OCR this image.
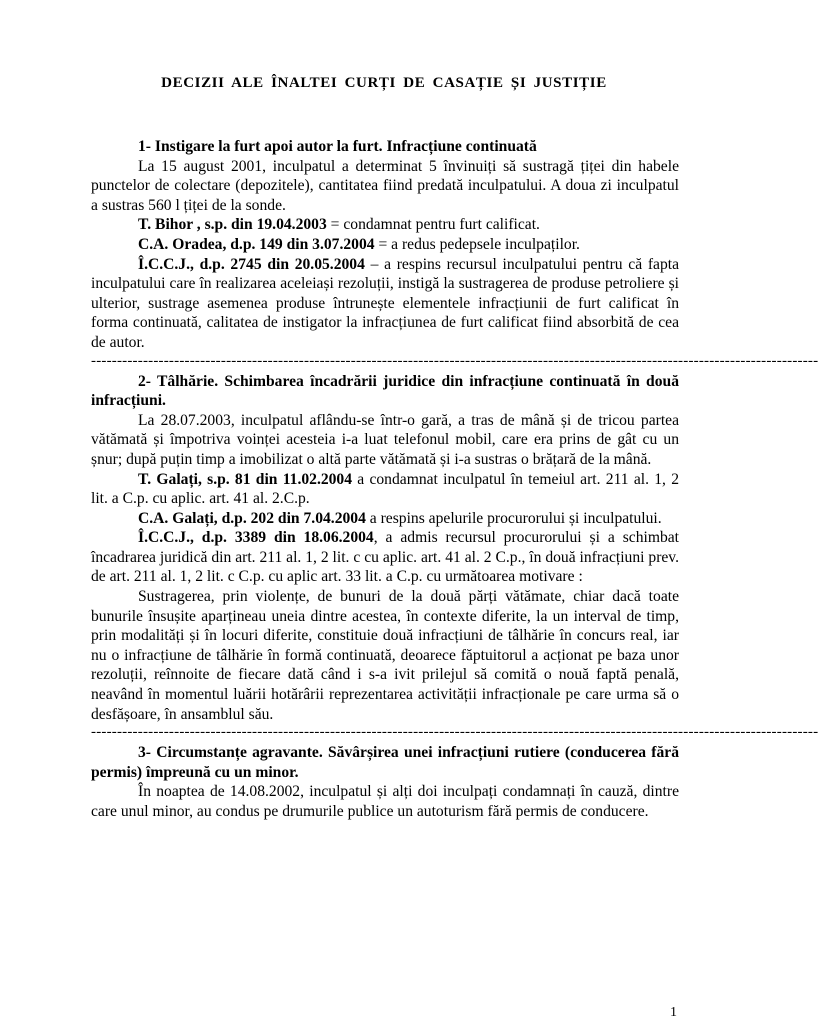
DECIZII ALE ÎNALTEI CURȚI DE CASAȚIE ȘI JUSTIȚIE

1- Instigare la furt apoi autor la furt. Infracțiune continuată

La 15 august 2001, inculpatul a determinat 5 învinuiți să sustragă țiței din habele punctelor de colectare (depozitele), cantitatea fiind predată inculpatului. A doua zi inculpatul a sustras 560 l țiței de la sonde.

T. Bihor , s.p. din 19.04.2003 = condamnat pentru furt calificat.

C.A. Oradea, d.p. 149 din 3.07.2004 = a redus pedepsele inculpaților.

Î.C.C.J., d.p. 2745 din 20.05.2004 – a respins recursul inculpatului pentru că fapta inculpatului care în realizarea aceleiași rezoluții, instigă la sustragerea de produse petroliere și ulterior, sustrage asemenea produse întrunește elementele infracțiunii de furt calificat în forma continuată, calitatea de instigator la infracțiunea de furt calificat fiind absorbită de cea de autor.

--------------------------------------------------------------------------------------------------------------------------------------------

2- Tâlhărie. Schimbarea încadrării juridice din infracțiune continuată în două infracțiuni.

La 28.07.2003, inculpatul aflându-se într-o gară, a tras de mână și de tricou partea vătămată și împotriva voinței acesteia i-a luat telefonul mobil, care era prins de gât cu un șnur; după puțin timp a imobilizat o altă parte vătămată și i-a sustras o brățară de la mână.

T. Galați, s.p. 81 din 11.02.2004 a condamnat inculpatul în temeiul art. 211 al. 1, 2 lit. a C.p. cu aplic. art. 41 al. 2.C.p.

C.A. Galați, d.p. 202 din 7.04.2004 a respins apelurile procurorului și inculpatului.

Î.C.C.J., d.p. 3389 din 18.06.2004, a admis recursul procurorului și a schimbat încadrarea juridică din art. 211 al. 1, 2 lit. c cu aplic. art. 41 al. 2 C.p., în două infracțiuni prev. de art. 211 al. 1, 2 lit. c C.p. cu aplic art. 33 lit. a C.p. cu următoarea motivare :

Sustragerea, prin violențe, de bunuri de la două părți vătămate, chiar dacă toate bunurile însușite aparțineau uneia dintre acestea, în contexte diferite, la un interval de timp, prin modalități și în locuri diferite, constituie două infracțiuni de tâlhărie în concurs real, iar nu o infracțiune de tâlhărie în formă continuată, deoarece făptuitorul a acționat pe baza unor rezoluții, reînnoite de fiecare dată când i s-a ivit prilejul să comită o nouă faptă penală, neavând în momentul luării hotărârii reprezentarea activității infracționale pe care urma să o desfășoare, în ansamblul său.

--------------------------------------------------------------------------------------------------------------------------------------------

3- Circumstanțe agravante. Săvârșirea unei infracțiuni rutiere (conducerea fără permis) împreună cu un minor.

În noaptea de 14.08.2002, inculpatul și alți doi inculpați condamnați în cauză, dintre care unul minor, au condus pe drumurile publice un autoturism fără permis de conducere.

1
